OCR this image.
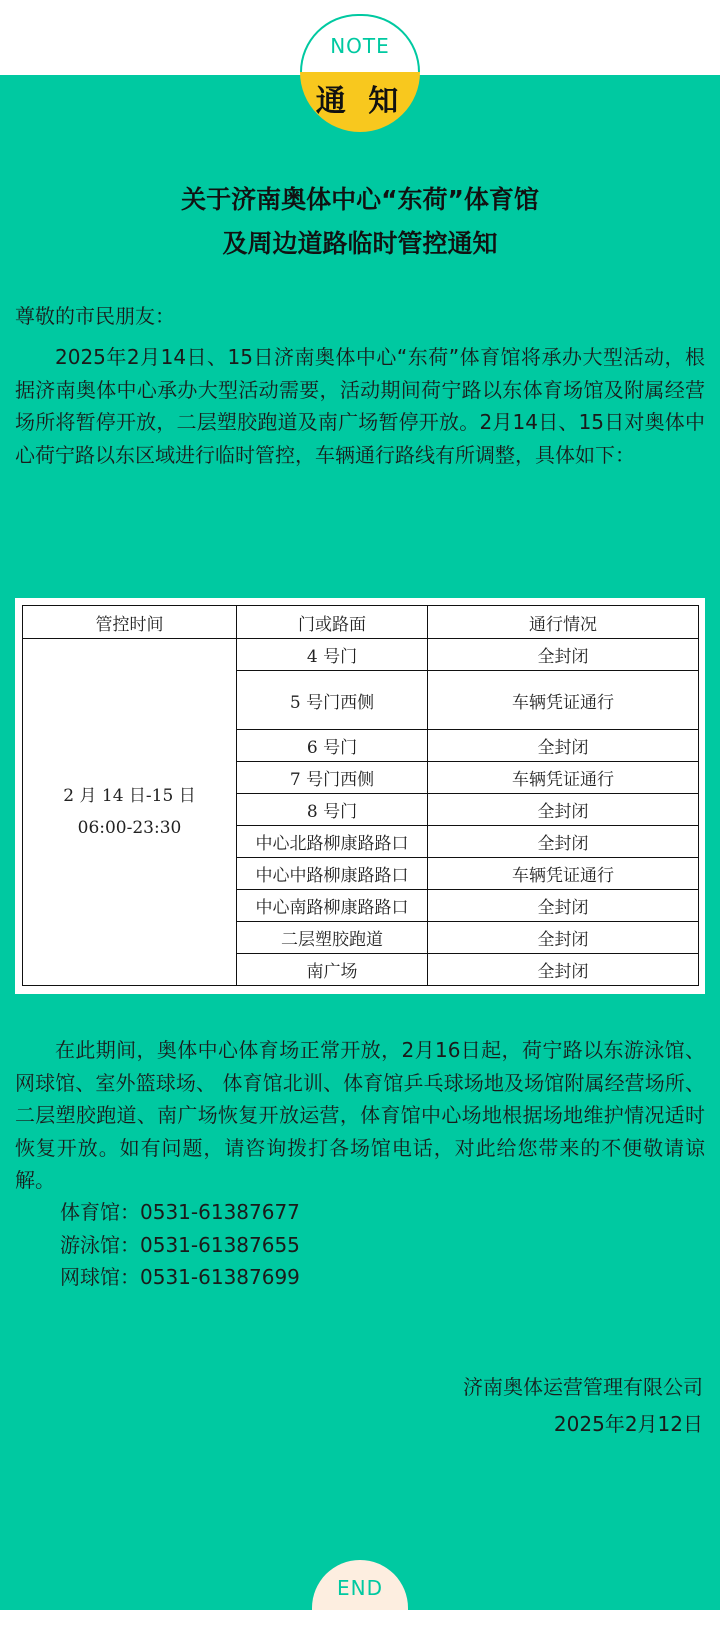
NOTE
通 知
关于济南奥体中心“东荷”体育馆
及周边道路临时管控通知
尊敬的市民朋友：
2025年2月14日、15日济南奥体中心“东荷”体育馆将承办大型活动，根据济南奥体中心承办大型活动需要，活动期间荷宁路以东体育场馆及附属经营场所将暂停开放，二层塑胶跑道及南广场暂停开放。2月14日、15日对奥体中心荷宁路以东区域进行临时管控，车辆通行路线有所调整，具体如下：
管控时间	门或路面	通行情况

2 月 14 日-15 日
06:00-23:30	4 号门	全封闭
	5 号门西侧	车辆凭证通行
	6 号门	全封闭
	7 号门西侧	车辆凭证通行
	8 号门	全封闭
	中心北路柳康路路口	全封闭
	中心中路柳康路路口	车辆凭证通行
	中心南路柳康路路口	全封闭
	二层塑胶跑道	全封闭
	南广场	全封闭
在此期间，奥体中心体育场正常开放，2月16日起，荷宁路以东游泳馆、网球馆、室外篮球场、 体育馆北训、体育馆乒乓球场地及场馆附属经营场所、二层塑胶跑道、南广场恢复开放运营，体育馆中心场地根据场地维护情况适时恢复开放。如有问题，请咨询拨打各场馆电话，对此给您带来的不便敬请谅解。
体育馆：0531-61387677
游泳馆：0531-61387655
网球馆：0531-61387699
济南奥体运营管理有限公司
2025年2月12日
END
